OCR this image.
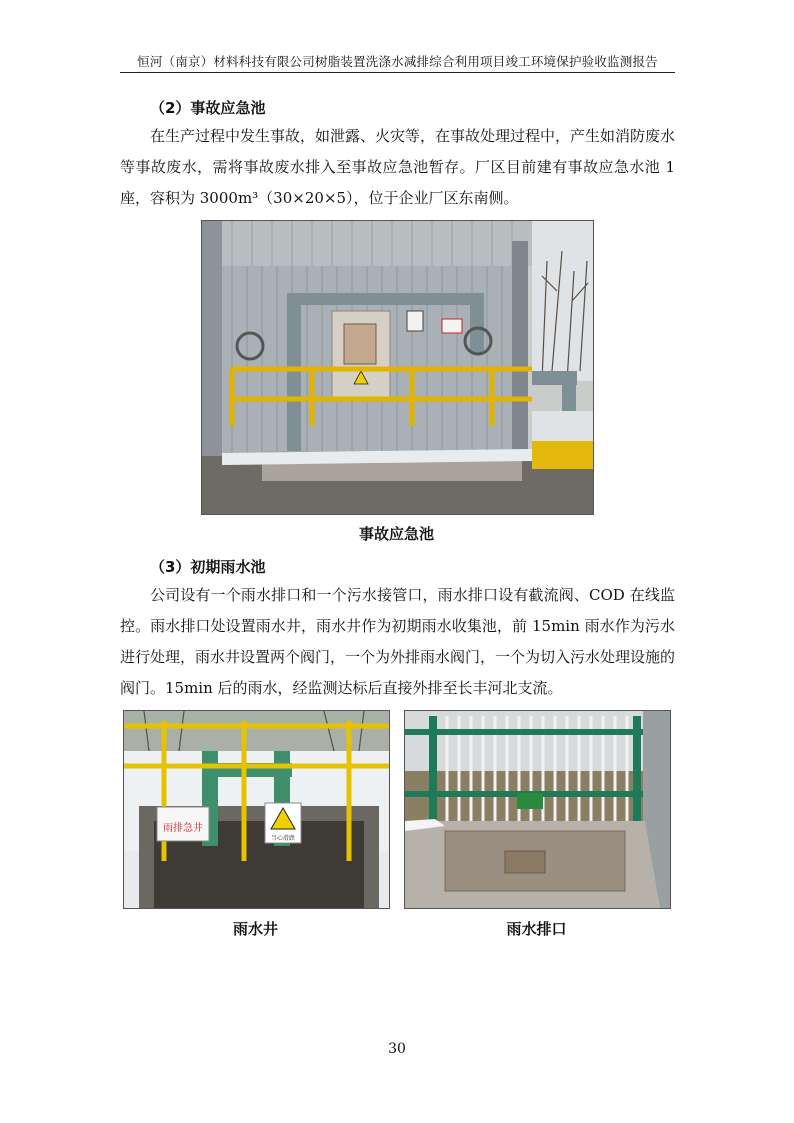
恒河（南京）材料科技有限公司树脂装置洗涤水减排综合利用项目竣工环境保护验收监测报告
（2）事故应急池

在生产过程中发生事故，如泄露、火灾等，在事故处理过程中，产生如消防废水等事故废水，需将事故废水排入至事故应急池暂存。厂区目前建有事故应急水池 1 座，容积为 3000m³（30×20×5），位于企业厂区东南侧。

事故应急池
（3）初期雨水池

公司设有一个雨水排口和一个污水接管口，雨水排口设有截流阀、COD 在线监控。雨水排口处设置雨水井，雨水井作为初期雨水收集池，前 15min 雨水作为污水进行处理，雨水井设置两个阀门，一个为外排雨水阀门，一个为切入污水处理设施的阀门。15min 后的雨水，经监测达标后直接外排至长丰河北支流。

雨排急井
当心滑跌
雨水井	雨水排口
30
